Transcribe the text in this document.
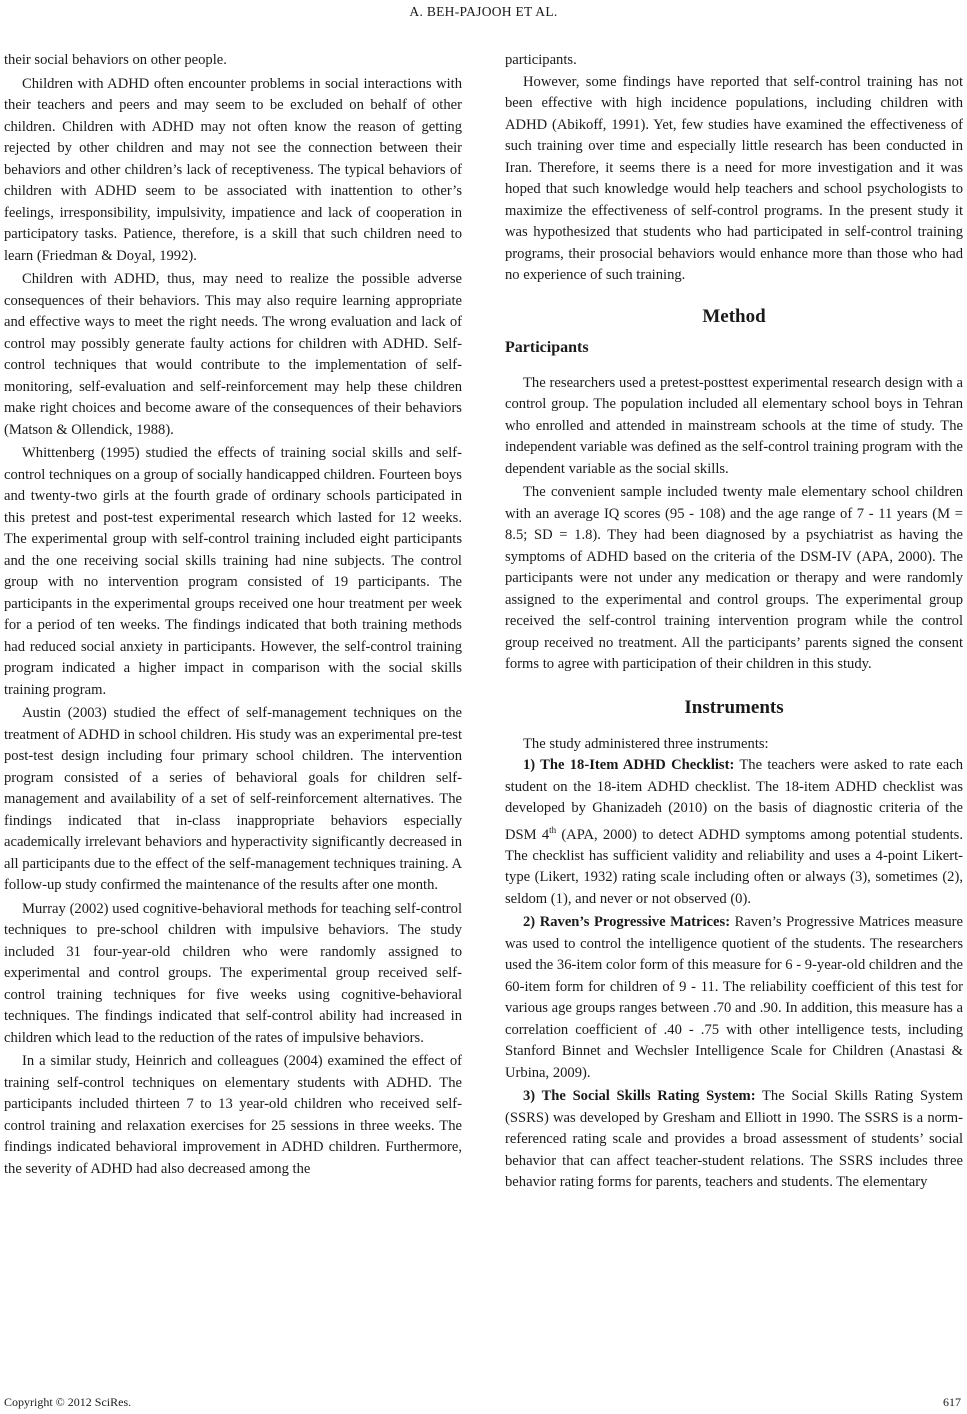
A. BEH-PAJOOH ET AL.

their social behaviors on other people.

Children with ADHD often encounter problems in social interactions with their teachers and peers and may seem to be excluded on behalf of other children. Children with ADHD may not often know the reason of getting rejected by other children and may not see the connection between their behaviors and other children’s lack of receptiveness. The typical behaviors of children with ADHD seem to be associated with inattention to other’s feelings, irresponsibility, impulsivity, impatience and lack of cooperation in participatory tasks. Patience, therefore, is a skill that such children need to learn (Friedman & Doyal, 1992).

Children with ADHD, thus, may need to realize the possible adverse consequences of their behaviors. This may also require learning appropriate and effective ways to meet the right needs. The wrong evaluation and lack of control may possibly generate faulty actions for children with ADHD. Self-control techniques that would contribute to the implementation of self-monitoring, self-evaluation and self-reinforcement may help these children make right choices and become aware of the consequences of their behaviors (Matson & Ollendick, 1988).

Whittenberg (1995) studied the effects of training social skills and self-control techniques on a group of socially handicapped children. Fourteen boys and twenty-two girls at the fourth grade of ordinary schools participated in this pretest and post-test experimental research which lasted for 12 weeks. The experimental group with self-control training included eight participants and the one receiving social skills training had nine subjects. The control group with no intervention program consisted of 19 participants. The participants in the experimental groups received one hour treatment per week for a period of ten weeks. The findings indicated that both training methods had reduced social anxiety in participants. However, the self-control training program indicated a higher impact in comparison with the social skills training program.

Austin (2003) studied the effect of self-management techniques on the treatment of ADHD in school children. His study was an experimental pre-test post-test design including four primary school children. The intervention program consisted of a series of behavioral goals for children self-management and availability of a set of self-reinforcement alternatives. The findings indicated that in-class inappropriate behaviors especially academically irrelevant behaviors and hyperactivity significantly decreased in all participants due to the effect of the self-management techniques training. A follow-up study confirmed the maintenance of the results after one month.

Murray (2002) used cognitive-behavioral methods for teaching self-control techniques to pre-school children with impulsive behaviors. The study included 31 four-year-old children who were randomly assigned to experimental and control groups. The experimental group received self-control training techniques for five weeks using cognitive-behavioral techniques. The findings indicated that self-control ability had increased in children which lead to the reduction of the rates of impulsive behaviors.

In a similar study, Heinrich and colleagues (2004) examined the effect of training self-control techniques on elementary students with ADHD. The participants included thirteen 7 to 13 year-old children who received self-control training and relaxation exercises for 25 sessions in three weeks. The findings indicated behavioral improvement in ADHD children. Furthermore, the severity of ADHD had also decreased among the

participants.

However, some findings have reported that self-control training has not been effective with high incidence populations, including children with ADHD (Abikoff, 1991). Yet, few studies have examined the effectiveness of such training over time and especially little research has been conducted in Iran. Therefore, it seems there is a need for more investigation and it was hoped that such knowledge would help teachers and school psychologists to maximize the effectiveness of self-control programs. In the present study it was hypothesized that students who had participated in self-control training programs, their prosocial behaviors would enhance more than those who had no experience of such training.

Method
Participants

The researchers used a pretest-posttest experimental research design with a control group. The population included all elementary school boys in Tehran who enrolled and attended in mainstream schools at the time of study. The independent variable was defined as the self-control training program with the dependent variable as the social skills.

The convenient sample included twenty male elementary school children with an average IQ scores (95 - 108) and the age range of 7 - 11 years (M = 8.5; SD = 1.8). They had been diagnosed by a psychiatrist as having the symptoms of ADHD based on the criteria of the DSM-IV (APA, 2000). The participants were not under any medication or therapy and were randomly assigned to the experimental and control groups. The experimental group received the self-control training intervention program while the control group received no treatment. All the participants’ parents signed the consent forms to agree with participation of their children in this study.

Instruments

The study administered three instruments:

1) The 18-Item ADHD Checklist: The teachers were asked to rate each student on the 18-item ADHD checklist. The 18-item ADHD checklist was developed by Ghanizadeh (2010) on the basis of diagnostic criteria of the DSM 4th (APA, 2000) to detect ADHD symptoms among potential students. The checklist has sufficient validity and reliability and uses a 4-point Likert-type (Likert, 1932) rating scale including often or always (3), sometimes (2), seldom (1), and never or not observed (0).

2) Raven’s Progressive Matrices: Raven’s Progressive Matrices measure was used to control the intelligence quotient of the students. The researchers used the 36-item color form of this measure for 6 - 9-year-old children and the 60-item form for children of 9 - 11. The reliability coefficient of this test for various age groups ranges between .70 and .90. In addition, this measure has a correlation coefficient of .40 - .75 with other intelligence tests, including Stanford Binnet and Wechsler Intelligence Scale for Children (Anastasi & Urbina, 2009).

3) The Social Skills Rating System: The Social Skills Rating System (SSRS) was developed by Gresham and Elliott in 1990. The SSRS is a norm-referenced rating scale and provides a broad assessment of students’ social behavior that can affect teacher-student relations. The SSRS includes three behavior rating forms for parents, teachers and students. The elementary

Copyright © 2012 SciRes.	617
